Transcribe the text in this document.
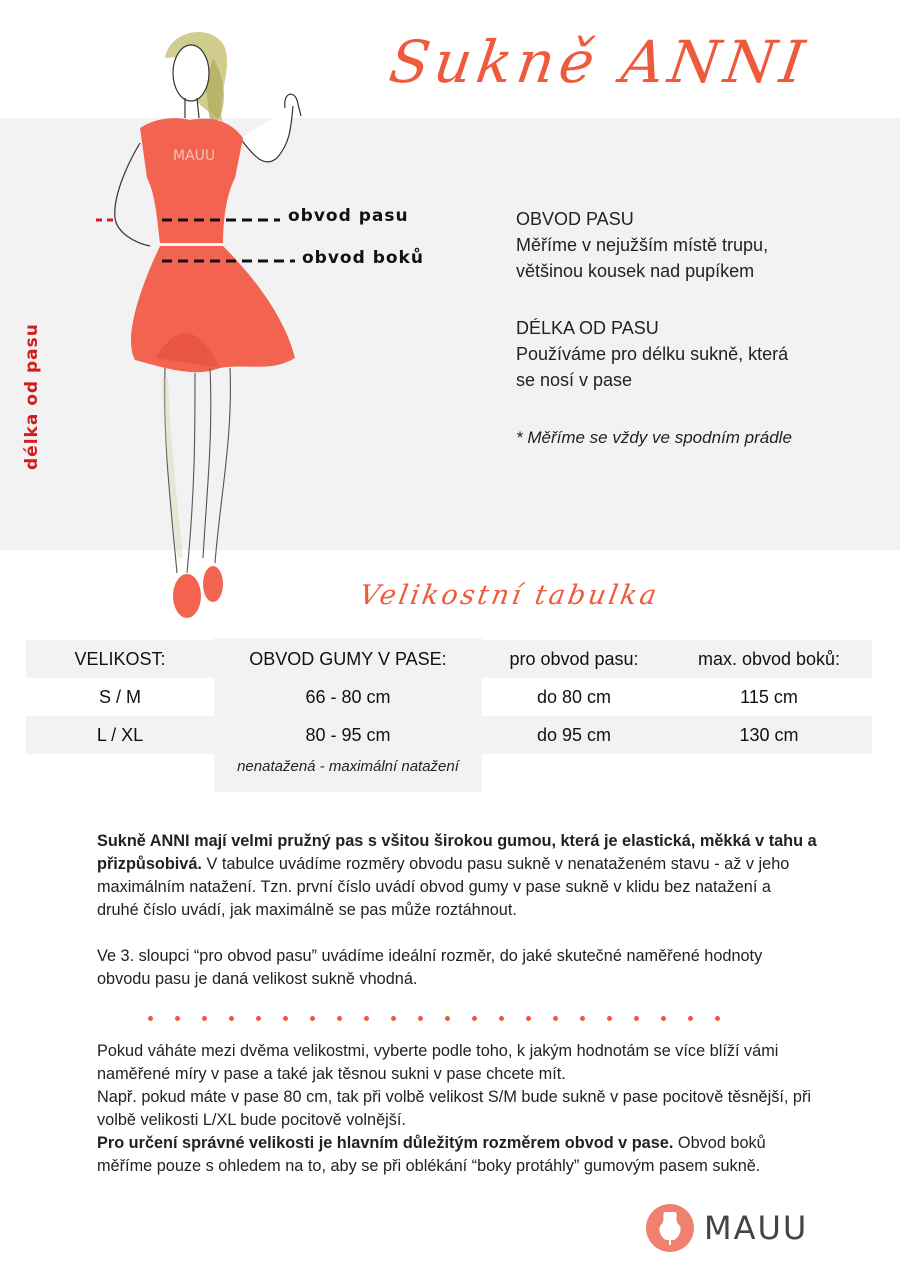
Sukně ANNI
MAUU
obvod pasu
obvod boků
délka od pasu
OBVOD PASU
Měříme v nejužším místě trupu,
většinou kousek nad pupíkem
DÉLKA OD PASU
Používáme pro délku sukně, která
se nosí v pase
* Měříme se vždy ve spodním prádle
Velikostní tabulka
VELIKOST:	OBVOD GUMY V PASE:	pro obvod pasu:	max. obvod boků:
S / M	66 - 80 cm	do 80 cm	115 cm
L / XL	80 - 95 cm	do 95 cm	130 cm
nenatažená - maximální natažení
Sukně ANNI mají velmi pružný pas s všitou širokou gumou, která je elastická, měkká v tahu a přizpůsobivá. V tabulce uvádíme rozměry obvodu pasu sukně v nenataženém stavu - až v jeho maximálním natažení. Tzn. první číslo uvádí obvod gumy v pase sukně v klidu bez natažení a druhé číslo uvádí, jak maximálně se pas může roztáhnout.
Ve 3. sloupci “pro obvod pasu” uvádíme ideální rozměr, do jaké skutečné naměřené hodnoty obvodu pasu je daná velikost sukně vhodná.
Pokud váháte mezi dvěma velikostmi, vyberte podle toho, k jakým hodnotám se více blíží vámi naměřené míry v pase a také jak těsnou sukni v pase chcete mít.
Např. pokud máte v pase 80 cm, tak při volbě velikost S/M bude sukně v pase pocitově těsnější, při volbě velikosti L/XL bude pocitově volnější.
Pro určení správné velikosti je hlavním důležitým rozměrem obvod v pase. Obvod boků měříme pouze s ohledem na to, aby se při oblékání “boky protáhly” gumovým pasem sukně.
MAUU
